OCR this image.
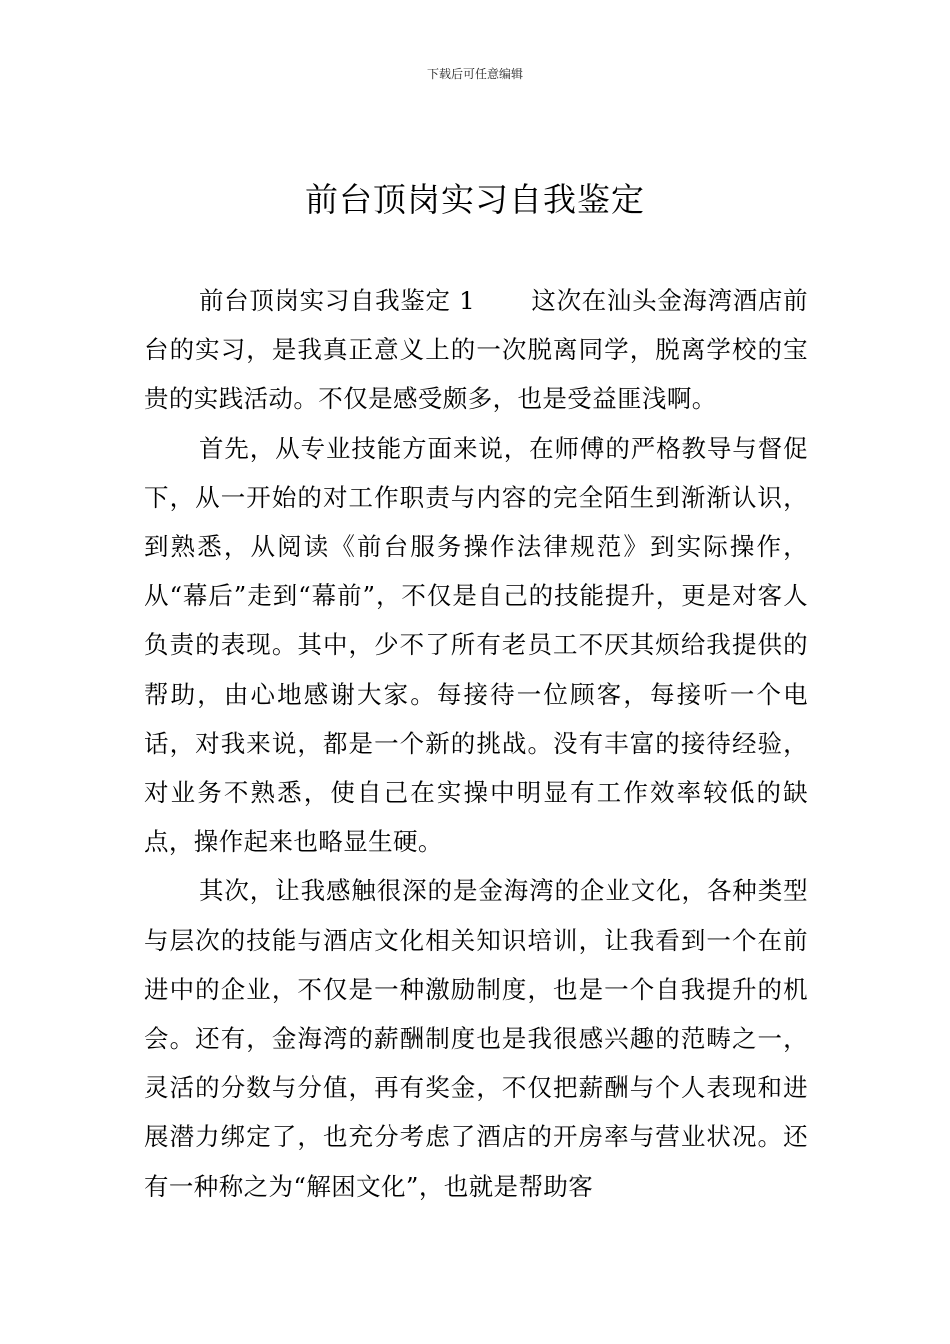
下载后可任意编辑
前台顶岗实习自我鉴定

前台顶岗实习自我鉴定 1 这次在汕头金海湾酒店前台的实习，是我真正意义上的一次脱离同学，脱离学校的宝贵的实践活动。不仅是感受颇多，也是受益匪浅啊。

首先，从专业技能方面来说，在师傅的严格教导与督促下，从一开始的对工作职责与内容的完全陌生到渐渐认识，到熟悉，从阅读《前台服务操作法律规范》到实际操作，从“幕后”走到“幕前”，不仅是自己的技能提升，更是对客人负责的表现。其中，少不了所有老员工不厌其烦给我提供的帮助，由心地感谢大家。每接待一位顾客，每接听一个电话，对我来说，都是一个新的挑战。没有丰富的接待经验，对业务不熟悉，使自己在实操中明显有工作效率较低的缺点，操作起来也略显生硬。

其次，让我感触很深的是金海湾的企业文化，各种类型与层次的技能与酒店文化相关知识培训，让我看到一个在前进中的企业，不仅是一种激励制度，也是一个自我提升的机会。还有，金海湾的薪酬制度也是我很感兴趣的范畴之一，灵活的分数与分值，再有奖金，不仅把薪酬与个人表现和进展潜力绑定了，也充分考虑了酒店的开房率与营业状况。还有一种称之为“解困文化”，也就是帮助客
